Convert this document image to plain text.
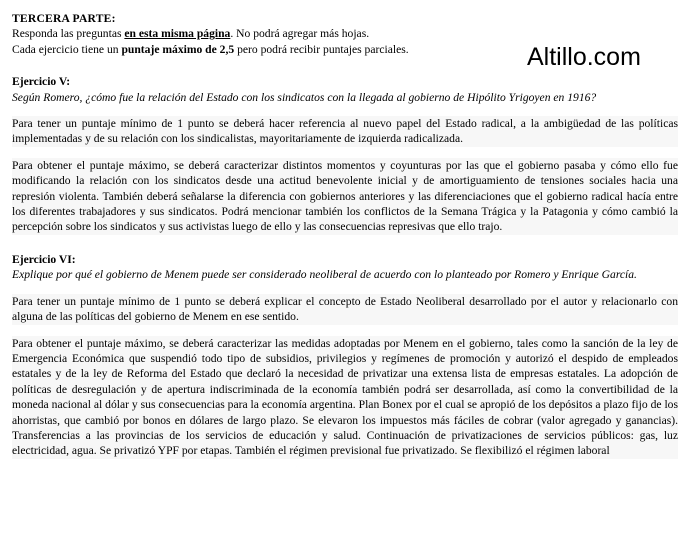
Altillo.com

TERCERA PARTE:

Responda las preguntas en esta misma página. No podrá agregar más hojas.

Cada ejercicio tiene un puntaje máximo de 2,5 pero podrá recibir puntajes parciales.

Ejercicio V:

Según Romero, ¿cómo fue la relación del Estado con los sindicatos con la llegada al gobierno de Hipólito Yrigoyen en 1916?

Para tener un puntaje mínimo de 1 punto se deberá hacer referencia al nuevo papel del Estado radical, a la ambigüedad de las políticas implementadas y de su relación con los sindicalistas, mayoritariamente de izquierda radicalizada.

Para obtener el puntaje máximo, se deberá caracterizar distintos momentos y coyunturas por las que el gobierno pasaba y cómo ello fue modificando la relación con los sindicatos desde una actitud benevolente inicial y de amortiguamiento de tensiones sociales hacia una represión violenta. También deberá señalarse la diferencia con gobiernos anteriores y las diferenciaciones que el gobierno radical hacía entre los diferentes trabajadores y sus sindicatos. Podrá mencionar también los conflictos de la Semana Trágica y la Patagonia y cómo cambió la percepción sobre los sindicatos y sus activistas luego de ello y las consecuencias represivas que ello trajo.

Ejercicio VI:

Explique por qué el gobierno de Menem puede ser considerado neoliberal de acuerdo con lo planteado por Romero y Enrique García.

Para tener un puntaje mínimo de 1 punto se deberá explicar el concepto de Estado Neoliberal desarrollado por el autor y relacionarlo con alguna de las políticas del gobierno de Menem en ese sentido.

Para obtener el puntaje máximo, se deberá caracterizar las medidas adoptadas por Menem en el gobierno, tales como la sanción de la ley de Emergencia Económica que suspendió todo tipo de subsidios, privilegios y regímenes de promoción y autorizó el despido de empleados estatales y de la ley de Reforma del Estado que declaró la necesidad de privatizar una extensa lista de empresas estatales. La adopción de políticas de desregulación y de apertura indiscriminada de la economía también podrá ser desarrollada, así como la convertibilidad de la moneda nacional al dólar y sus consecuencias para la economía argentina. Plan Bonex por el cual se apropió de los depósitos a plazo fijo de los ahorristas, que cambió por bonos en dólares de largo plazo. Se elevaron los impuestos más fáciles de cobrar (valor agregado y ganancias). Transferencias a las provincias de los servicios de educación y salud. Continuación de privatizaciones de servicios públicos: gas, luz electricidad, agua. Se privatizó YPF por etapas. También el régimen previsional fue privatizado. Se flexibilizó el régimen laboral
